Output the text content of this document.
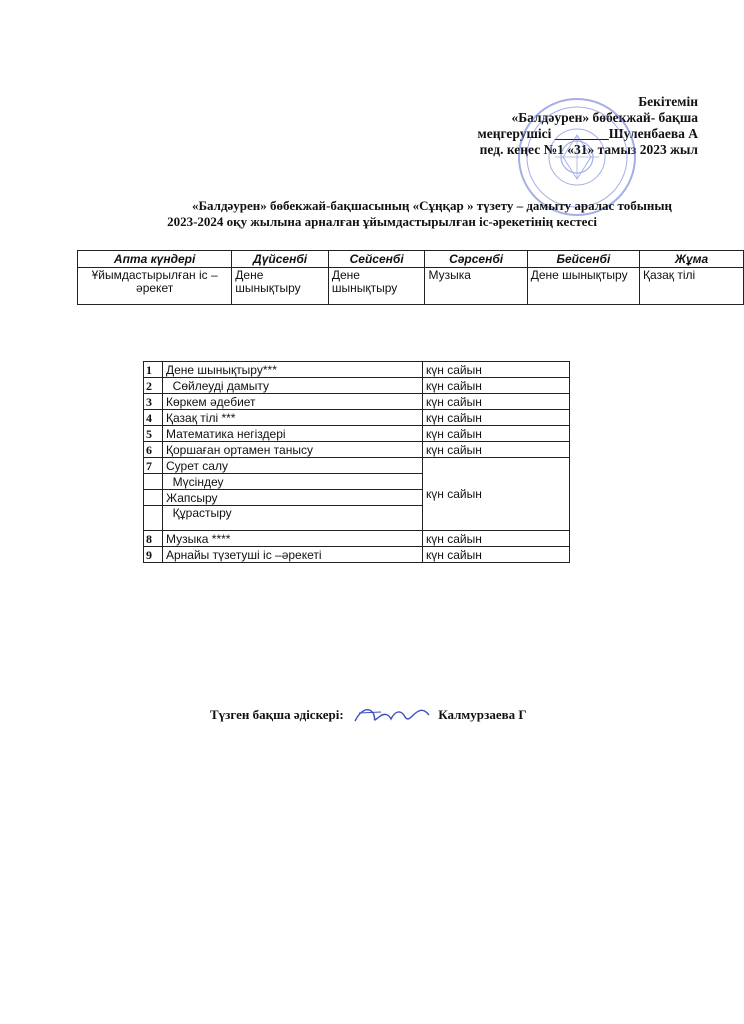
Бекітемін
«Балдәурен» бөбекжай- бақша
меңгерушісі ________Шуленбаева А
пед. кеңес №1 «31» тамыз 2023 жыл
«Балдәурен» бөбекжай-бақшасының «Сұңқар » түзету – дамыту аралас тобының
2023-2024 оқу жылына арналған ұйымдастырылған іс-әрекетінің кестесі
Апта күндері	Дүйсенбі	Сейсенбі	Сәрсенбі	Бейсенбі	Жұма
Ұйымдастырылған іс –әрекет	Дене шынықтыру	Дене шынықтыру	Музыка	Дене шынықтыру	Қазақ тілі
1	Дене шынықтыру***	күн сайын
2	Сөйлеуді дамыту	күн сайын
3	Көркем әдебиет	күн сайын
4	Қазақ тілі ***	күн сайын
5	Математика негіздері	күн сайын
6	Қоршаған ортамен танысу	күн сайын
7	Сурет салу	күн сайын
	Мүсіндеу	
	Жапсыру	
	Құрастыру	
8	Музыка ****	күн сайын
9	Арнайы түзетуші іс –әрекеті	күн сайын
Түзген бақша әдіскері:	Калмурзаева Г
